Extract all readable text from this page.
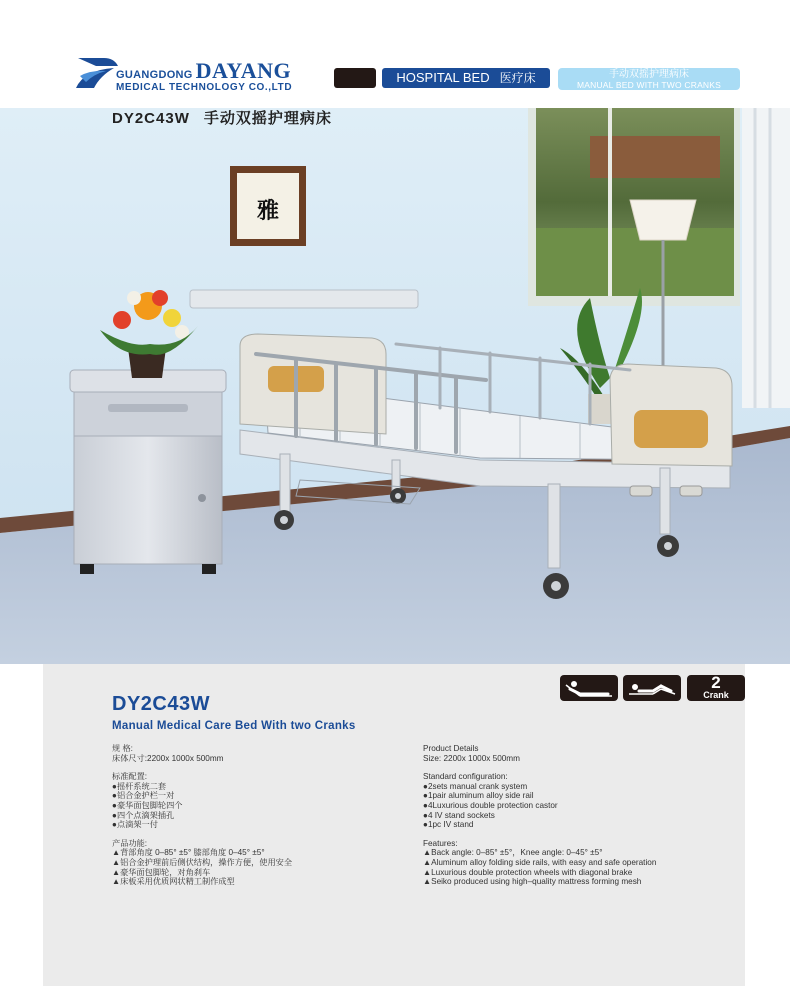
GUANGDONG DAYANG
MEDICAL TECHNOLOGY CO.,LTD
HOSPITAL BED 医疗床	手动双摇护理病床
MANUAL BED WITH TWO CRANKS
雅
DY2C43W 手动双摇护理病床
DY2C43W
Manual Medical Care Bed With two Cranks
2
Crank
规 格:
床体尺寸:2200x 1000x 500mm
标准配置:
●摇杆系统二套
●铝合金护栏一对
●豪华面包脚轮四个
●四个点滴架插孔
●点滴架一付
产品功能:
▲背部角度 0–85° ±5° 膝部角度 0–45° ±5°
▲铝合金护理前后侧伏结构，操作方便，使用安全
▲豪华面包脚轮，对角刹车
▲床板采用优质网状精工制作成型
Product Details
Size: 2200x 1000x 500mm
Standard configuration:
●2sets manual crank system
●1pair aluminum alloy side rail
●4Luxurious double protection castor
●4 IV stand sockets
●1pc IV stand
Features:
▲Back angle: 0–85° ±5°，Knee angle: 0–45° ±5°
▲Aluminum alloy folding side rails, with easy and safe operation
▲Luxurious double protection wheels with diagonal brake
▲Seiko produced using high–quality mattress forming mesh
